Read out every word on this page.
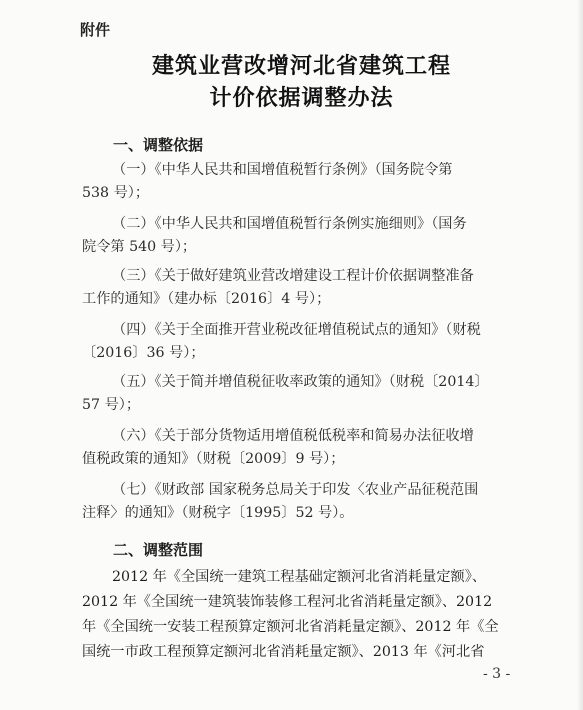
附件
建筑业营改增河北省建筑工程
计价依据调整办法
一、调整依据
（一）《中华人民共和国增值税暂行条例》（国务院令第
538 号）；
（二）《中华人民共和国增值税暂行条例实施细则》（国务
院令第 540 号）；
（三）《关于做好建筑业营改增建设工程计价依据调整准备
工作的通知》（建办标〔2016〕4 号）；
（四）《关于全面推开营业税改征增值税试点的通知》（财税
〔2016〕36 号）；
（五）《关于简并增值税征收率政策的通知》（财税〔2014〕
57 号）；
（六）《关于部分货物适用增值税低税率和简易办法征收增
值税政策的通知》（财税〔2009〕9 号）；
（七）《财政部 国家税务总局关于印发〈农业产品征税范围
注释〉的通知》（财税字〔1995〕52 号）。
二、调整范围
2012 年《全国统一建筑工程基础定额河北省消耗量定额》、
2012 年《全国统一建筑装饰装修工程河北省消耗量定额》、2012
年《全国统一安装工程预算定额河北省消耗量定额》、2012 年《全
国统一市政工程预算定额河北省消耗量定额》、2013 年《河北省
- 3 -
